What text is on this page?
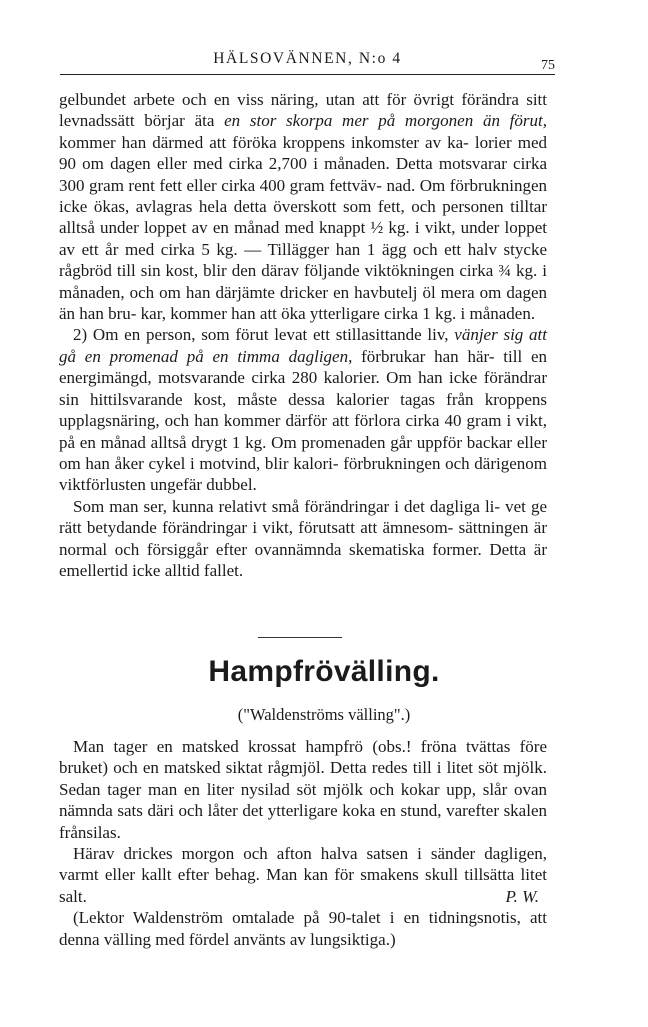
HÄLSOVÄNNEN, N:o 4	75

gelbundet arbete och en viss näring, utan att för övrigt förändra sitt levnadssätt börjar äta en stor skorpa mer på morgonen än förut, kommer han därmed att föröka kroppens inkomster av ka- lorier med 90 om dagen eller med cirka 2,700 i månaden. Detta motsvarar cirka 300 gram rent fett eller cirka 400 gram fettväv- nad. Om förbrukningen icke ökas, avlagras hela detta överskott som fett, och personen tilltar alltså under loppet av en månad med knappt ½ kg. i vikt, under loppet av ett år med cirka 5 kg. — Tillägger han 1 ägg och ett halv stycke rågbröd till sin kost, blir den därav följande viktökningen cirka ¾ kg. i månaden, och om han därjämte dricker en havbutelj öl mera om dagen än han bru- kar, kommer han att öka ytterligare cirka 1 kg. i månaden.

2) Om en person, som förut levat ett stillasittande liv, vänjer sig att gå en promenad på en timma dagligen, förbrukar han här- till en energimängd, motsvarande cirka 280 kalorier. Om han icke förändrar sin hittilsvarande kost, måste dessa kalorier tagas från kroppens upplagsnäring, och han kommer därför att förlora cirka 40 gram i vikt, på en månad alltså drygt 1 kg. Om promenaden går uppför backar eller om han åker cykel i motvind, blir kalori- förbrukningen och därigenom viktförlusten ungefär dubbel.

Som man ser, kunna relativt små förändringar i det dagliga li- vet ge rätt betydande förändringar i vikt, förutsatt att ämnesom- sättningen är normal och försiggår efter ovannämnda skematiska former. Detta är emellertid icke alltid fallet.

Hampfrövälling.
("Waldenströms välling".)

Man tager en matsked krossat hampfrö (obs.! fröna tvättas före bruket) och en matsked siktat rågmjöl. Detta redes till i litet söt mjölk. Sedan tager man en liter nysilad söt mjölk och kokar upp, slår ovan nämnda sats däri och låter det ytterligare koka en stund, varefter skalen frånsilas.

Härav drickes morgon och afton halva satsen i sänder dagligen, varmt eller kallt efter behag. Man kan för smakens skull tillsätta litet salt.	P. W.

(Lektor Waldenström omtalade på 90-talet i en tidningsnotis, att denna välling med fördel använts av lungsiktiga.)
